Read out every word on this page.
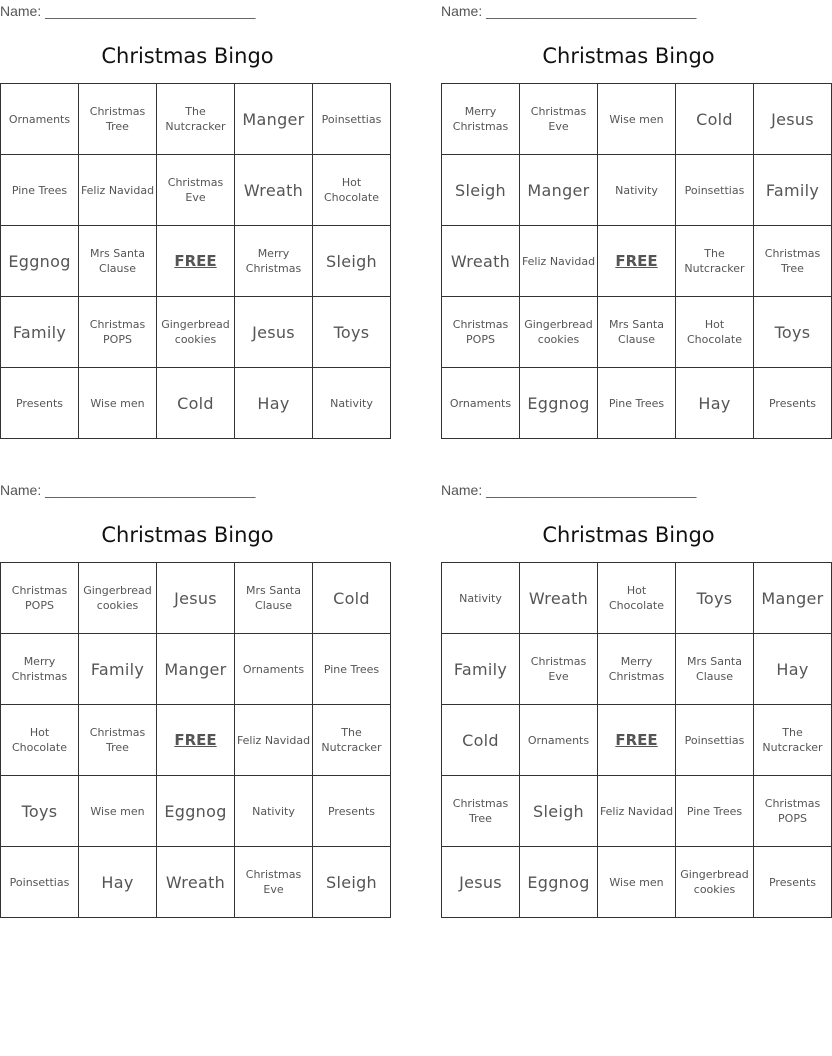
Name: ___________________________
Christmas Bingo
Ornaments	Christmas Tree	The Nutcracker	Manger	Poinsettias
Pine Trees	Feliz Navidad	Christmas Eve	Wreath	Hot Chocolate
Eggnog	Mrs Santa Clause	FREE	Merry Christmas	Sleigh
Family	Christmas POPS	Gingerbread cookies	Jesus	Toys
Presents	Wise men	Cold	Hay	Nativity
Name: ___________________________
Christmas Bingo
Merry Christmas	Christmas Eve	Wise men	Cold	Jesus
Sleigh	Manger	Nativity	Poinsettias	Family
Wreath	Feliz Navidad	FREE	The Nutcracker	Christmas Tree
Christmas POPS	Gingerbread cookies	Mrs Santa Clause	Hot Chocolate	Toys
Ornaments	Eggnog	Pine Trees	Hay	Presents
Name: ___________________________
Christmas Bingo
Christmas POPS	Gingerbread cookies	Jesus	Mrs Santa Clause	Cold
Merry Christmas	Family	Manger	Ornaments	Pine Trees
Hot Chocolate	Christmas Tree	FREE	Feliz Navidad	The Nutcracker
Toys	Wise men	Eggnog	Nativity	Presents
Poinsettias	Hay	Wreath	Christmas Eve	Sleigh
Name: ___________________________
Christmas Bingo
Nativity	Wreath	Hot Chocolate	Toys	Manger
Family	Christmas Eve	Merry Christmas	Mrs Santa Clause	Hay
Cold	Ornaments	FREE	Poinsettias	The Nutcracker
Christmas Tree	Sleigh	Feliz Navidad	Pine Trees	Christmas POPS
Jesus	Eggnog	Wise men	Gingerbread cookies	Presents
